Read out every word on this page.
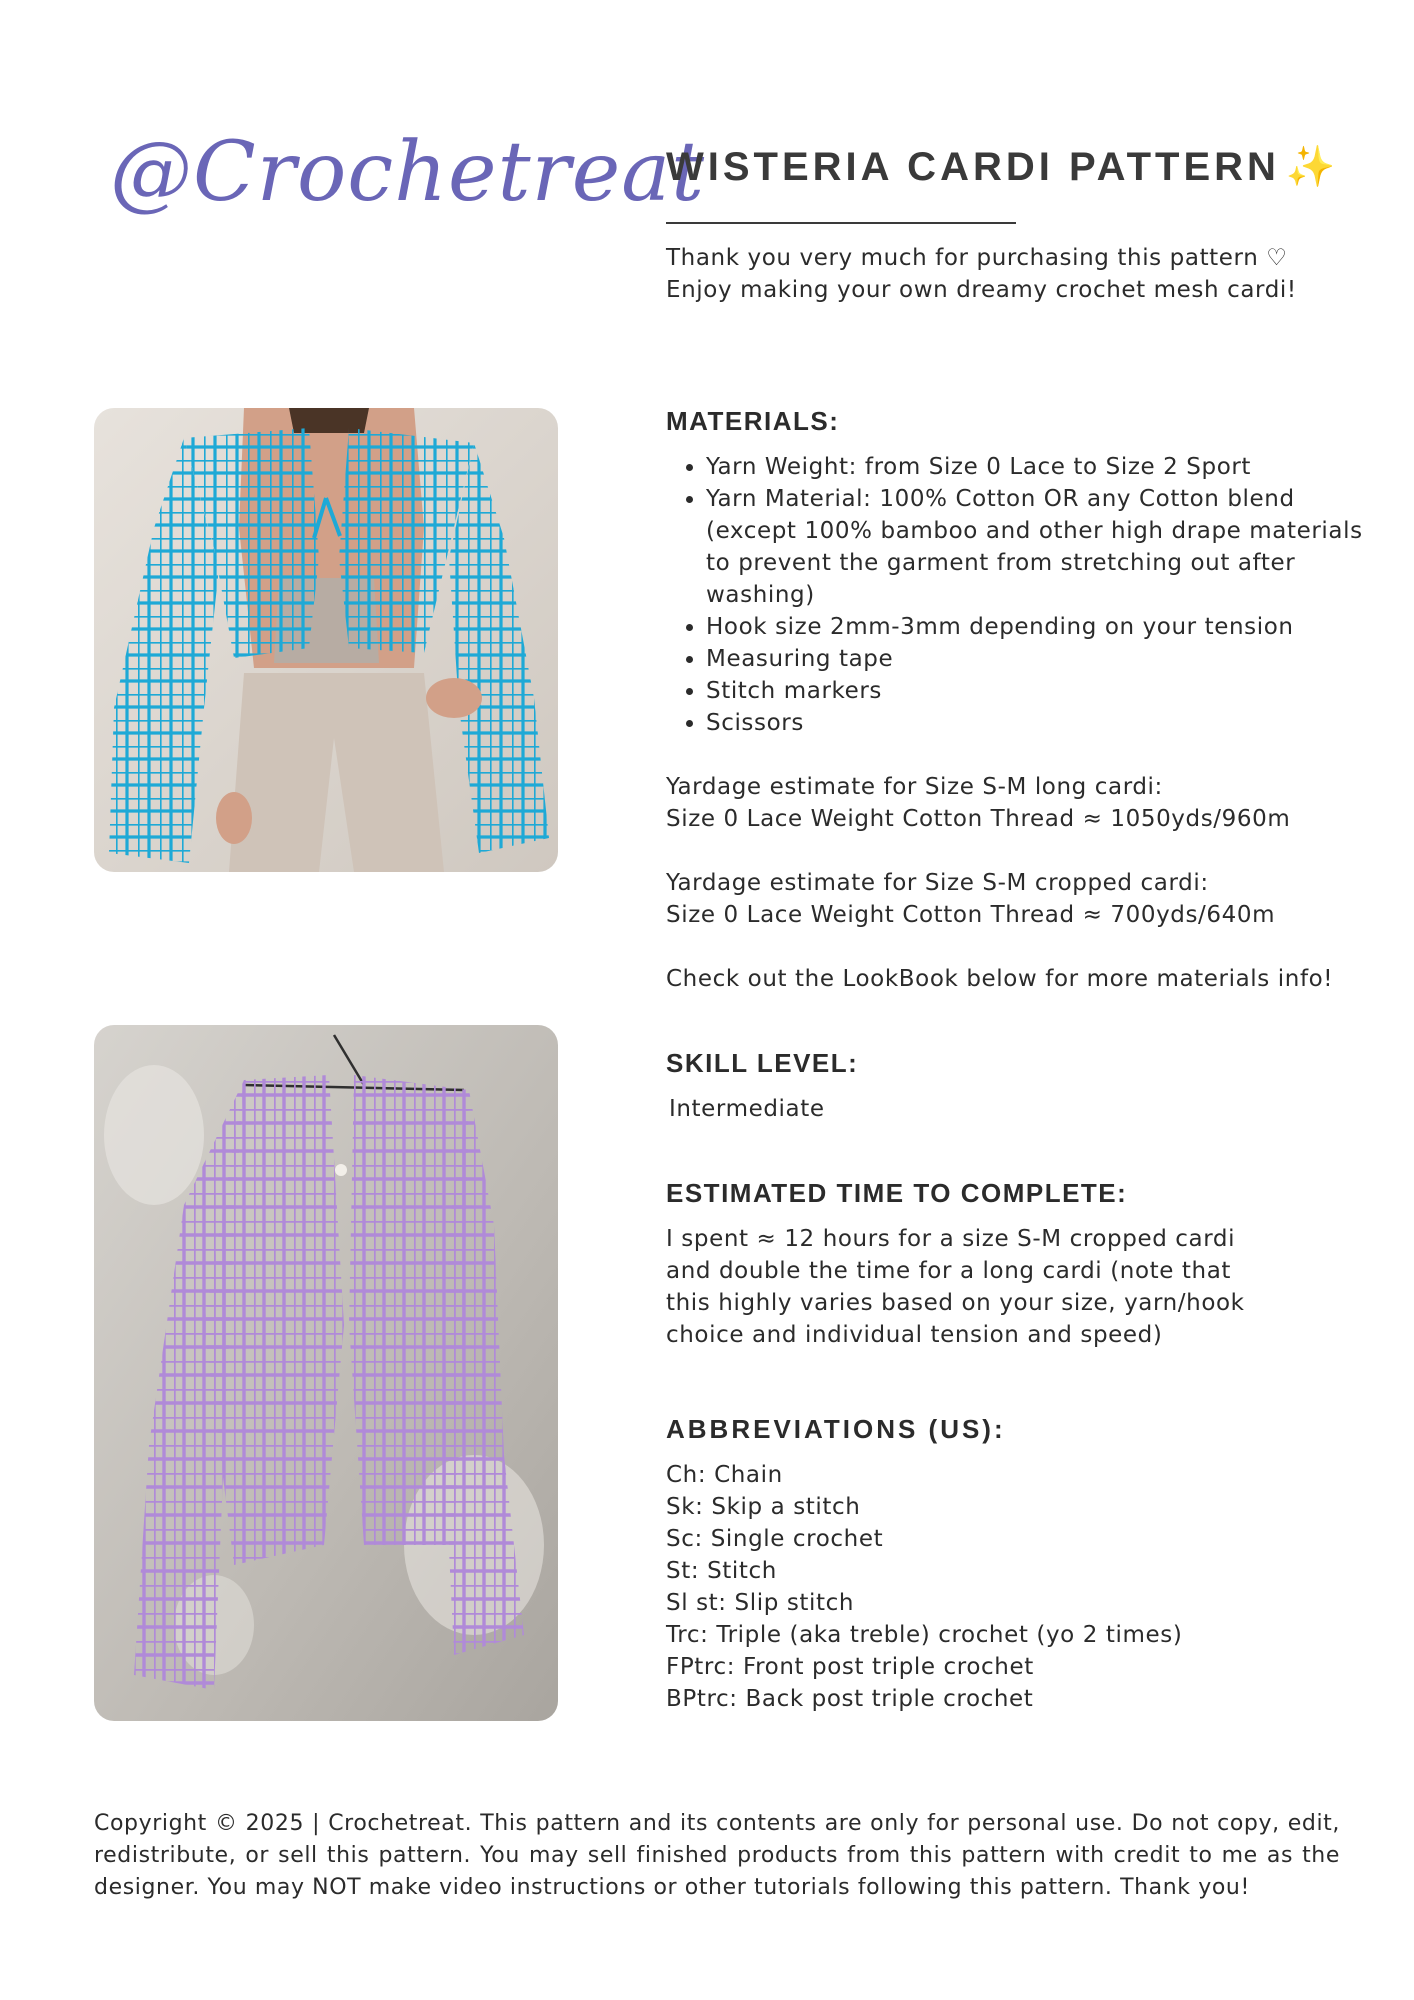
@Crochetreat
WISTERIA CARDI PATTERN ✨
Thank you very much for purchasing this pattern ♡
Enjoy making your own dreamy crochet mesh cardi!
MATERIALS:
• Yarn Weight: from Size 0 Lace to Size 2 Sport
• Yarn Material: 100% Cotton OR any Cotton blend (except 100% bamboo and other high drape materials to prevent the garment from stretching out after washing)
• Hook size 2mm-3mm depending on your tension
• Measuring tape
• Stitch markers
• Scissors
Yardage estimate for Size S-M long cardi:
Size 0 Lace Weight Cotton Thread ≈ 1050yds/960m
Yardage estimate for Size S-M cropped cardi:
Size 0 Lace Weight Cotton Thread ≈ 700yds/640m
Check out the LookBook below for more materials info!
SKILL LEVEL:
Intermediate
ESTIMATED TIME TO COMPLETE:
I spent ≈ 12 hours for a size S-M cropped cardi
and double the time for a long cardi (note that
this highly varies based on your size, yarn/hook
choice and individual tension and speed)
ABBREVIATIONS (US):
Ch: Chain
Sk: Skip a stitch
Sc: Single crochet
St: Stitch
Sl st: Slip stitch
Trc: Triple (aka treble) crochet (yo 2 times)
FPtrc: Front post triple crochet
BPtrc: Back post triple crochet
Copyright © 2025 | Crochetreat. This pattern and its contents are only for personal use. Do not copy, edit, redistribute, or sell this pattern. You may sell finished products from this pattern with credit to me as the designer. You may NOT make video instructions or other tutorials following this pattern. Thank you!
